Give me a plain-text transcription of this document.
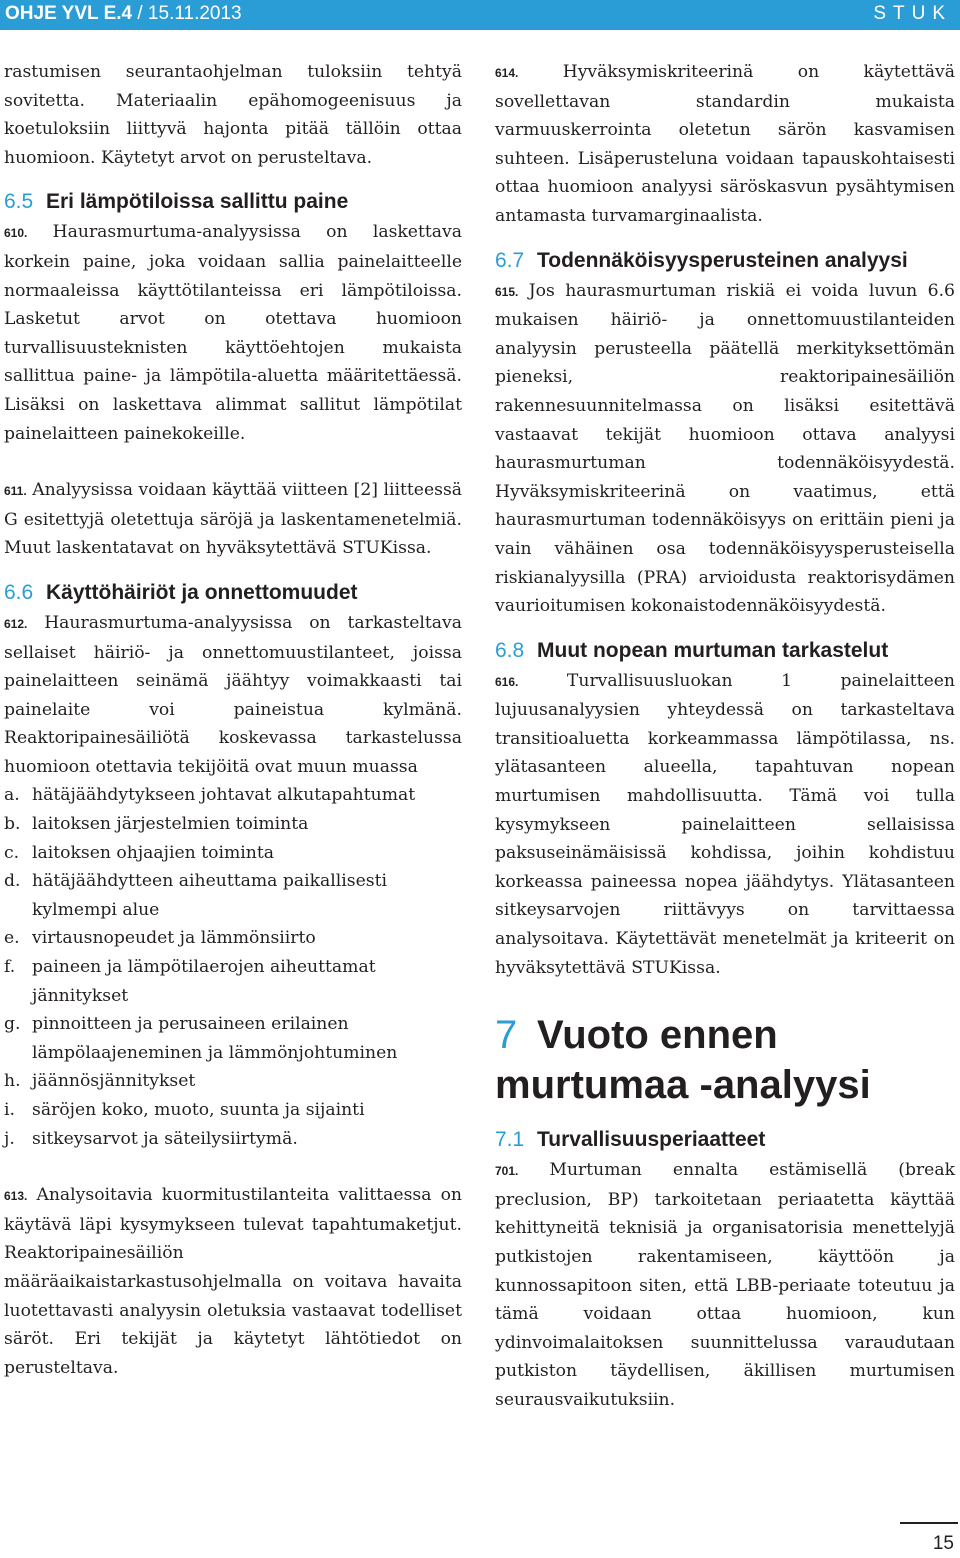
OHJE YVL E.4 / 15.11.2013	STUK

rastumisen seurantaohjelman tuloksiin tehtyä sovitetta. Materiaalin epähomogeenisuus ja koetuloksiin liittyvä hajonta pitää tällöin ottaa huomioon. Käytetyt arvot on perusteltava.

6.5 Eri lämpötiloissa sallittu paine

610. Haurasmurtuma-analyysissa on laskettava korkein paine, joka voidaan sallia painelaitteelle normaaleissa käyttötilanteissa eri lämpötiloissa. Lasketut arvot on otettava huomioon turvallisuusteknisten käyttöehtojen mukaista sallittua paine- ja lämpötila-aluetta määritettäessä. Lisäksi on laskettava alimmat sallitut lämpötilat painelaitteen painekokeille.

611. Analyysissa voidaan käyttää viitteen [2] liitteessä G esitettyjä oletettuja säröjä ja laskentamenetelmiä. Muut laskentatavat on hyväksytettävä STUKissa.

6.6 Käyttöhäiriöt ja onnettomuudet

612. Haurasmurtuma-analyysissa on tarkasteltava sellaiset häiriö- ja onnettomuustilanteet, joissa painelaitteen seinämä jäähtyy voimakkaasti tai painelaite voi paineistua kylmänä. Reaktoripainesäiliötä koskevassa tarkastelussa huomioon otettavia tekijöitä ovat muun muassa

a. hätäjäähdytykseen johtavat alkutapahtumat
b. laitoksen järjestelmien toiminta
c. laitoksen ohjaajien toiminta
d. hätäjäähdytteen aiheuttama paikallisesti kylmempi alue
e. virtausnopeudet ja lämmönsiirto
f. paineen ja lämpötilaerojen aiheuttamat jännitykset
g. pinnoitteen ja perusaineen erilainen lämpölaajeneminen ja lämmönjohtuminen
h. jäännösjännitykset
i. säröjen koko, muoto, suunta ja sijainti
j.	sitkeysarvot ja säteilysiirtymä.

613. Analysoitavia kuormitustilanteita valittaessa on käytävä läpi kysymykseen tulevat tapahtumaketjut. Reaktoripainesäiliön määräaikaistarkastusohjelmalla on voitava havaita luotettavasti analyysin oletuksia vastaavat todelliset säröt. Eri tekijät ja käytetyt lähtötiedot on perusteltava.

614.	Hyväksymiskriteerinä on käytettävä sovellettavan standardin mukaista varmuuskerrointa oletetun särön kasvamisen suhteen. Lisäperusteluna voidaan tapauskohtaisesti ottaa huomioon analyysi säröskasvun pysähtymisen antamasta turvamarginaalista.

6.7 Todennäköisyysperusteinen analyysi

615. Jos haurasmurtuman riskiä ei voida luvun 6.6 mukaisen häiriö- ja onnettomuustilanteiden analyysin perusteella päätellä merkityksettömän pieneksi, reaktoripainesäiliön rakennesuunnitelmassa on lisäksi esitettävä vastaavat tekijät huomioon ottava analyysi haurasmurtuman todennäköisyydestä. Hyväksymiskriteerinä on vaatimus, että haurasmurtuman todennäköisyys on erittäin pieni ja vain vähäinen osa todennäköisyysperusteisella riskianalyysilla (PRA) arvioidusta reaktorisydämen vaurioitumisen kokonaistodennäköisyydestä.

6.8 Muut nopean murtuman tarkastelut

616.	Turvallisuusluokan 1 painelaitteen lujuusanalyysien yhteydessä on tarkasteltava transitioaluetta korkeammassa lämpötilassa, ns. ylätasanteen alueella, tapahtuvan nopean murtumisen mahdollisuutta. Tämä voi tulla kysymykseen painelaitteen sellaisissa paksuseinämäisissä kohdissa, joihin kohdistuu korkeassa paineessa nopea jäähdytys. Ylätasanteen sitkeysarvojen riittävyys on tarvittaessa analysoitava. Käytettävät menetelmät ja kriteerit on hyväksytettävä STUKissa.

7 Vuoto ennen
murtumaa -analyysi
7.1 Turvallisuusperiaatteet

701. Murtuman ennalta estämisellä (break preclusion, BP) tarkoitetaan periaatetta käyttää kehittyneitä teknisiä ja organisatorisia menettelyjä putkistojen rakentamiseen, käyttöön ja kunnossapitoon siten, että LBB-periaate toteutuu ja tämä voidaan ottaa huomioon, kun ydinvoimalaitoksen suunnittelussa varaudutaan putkiston täydellisen, äkillisen murtumisen seurausvaikutuksiin.

15
